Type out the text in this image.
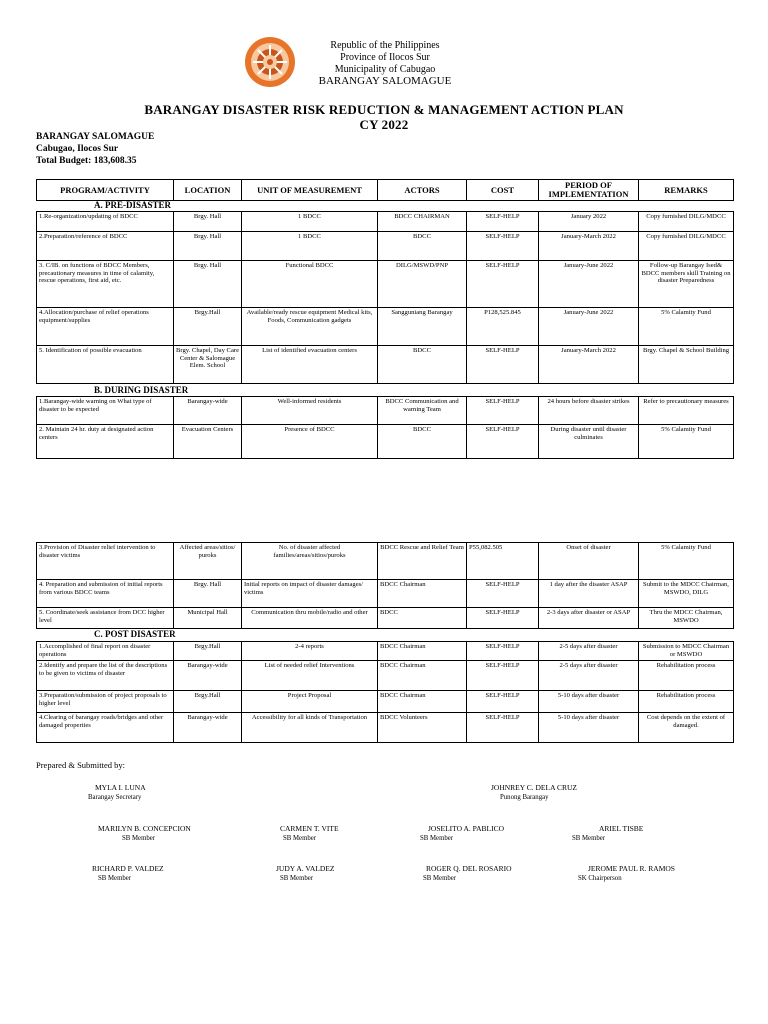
Republic of the Philippines
Province of Ilocos Sur
Municipality of Cabugao
BARANGAY SALOMAGUE
BARANGAY DISASTER RISK REDUCTION & MANAGEMENT ACTION PLAN
CY 2022
BARANGAY SALOMAGUE
Cabugao, Ilocos Sur
Total Budget: 183,608.35
PROGRAM/ACTIVITY	LOCATION	UNIT OF MEASUREMENT	ACTORS	COST	PERIOD OF IMPLEMENTATION	REMARKS
A. PRE-DISASTER
1.Re-organization/updating of BDCC	Brgy. Hall	1 BDCC	BDCC CHAIRMAN	SELF-HELP	January 2022	Copy furnished DILG/MDCC
2.Preparation/reference of BDCC	Brgy. Hall	1 BDCC	BDCC	SELF-HELP	January-March 2022	Copy furnished DILG/MDCC
3. C/IB. on functions of BDCC Members, precautionary measures in time of calamity, rescue operations, first aid, etc.	Brgy. Hall	Functional BDCC	DILG/MSWD/PNP	SELF-HELP	January-June 2022	Follow-up Barangay Ised& BDCC members skill Training on disaster Preparedness
4.Allocation/purchase of relief operations equipment/supplies	Brgy.Hall	Available/ready rescue equipment Medical kits, Foods, Communication gadgets	Sangguniang Barangay	P128,525.845	January-June 2022	5% Calamity Fund
5. Identification of possible evacuation	Brgy. Chapel, Day Care Center & Salomague Elem. School	List of identified evacuation centers	BDCC	SELF-HELP	January-March 2022	Brgy. Chapel & School Building
B. DURING DISASTER
1.Barangay-wide warning on What type of disaster to be expected	Barangay-wide	Well-informed residents	BDCC Communication and warning Team	SELF-HELP	24 hours before disaster strikes	Refer to precautionary measures
2. Maintain 24 hr. duty at designated action centers	Evacuation Centers	Presence of BDCC	BDCC	SELF-HELP	During disaster until disaster culminates	5% Calamity Fund
3.Provision of Disaster relief intervention to disaster victims	Affected areas/sitios/ puroks	No. of disaster affected families/areas/sitios/puroks	BDCC Rescue and Relief Team	P55,082.505	Onset of disaster	5% Calamity Fund
4. Preparation and submission of initial reports from various BDCC teams	Brgy. Hall	Initial reports on impact of disaster damages/ victims	BDCC Chairman	SELF-HELP	1 day after the disaster ASAP	Submit to the MDCC Chairman, MSWDO, DILG
5. Coordinate/seek assistance from DCC higher level	Municipal Hall	Communication thru mobile/radio and other	BDCC	SELF-HELP	2-3 days after disaster or ASAP	Thru the MDCC Chairman, MSWDO
C. POST DISASTER
1.Accomplished of final report on disaster operations	Brgy.Hall	2-4 reports	BDCC Chairman	SELF-HELP	2-5 days after disaster	Submission to MDCC Chairman or MSWDO
2.Identify and prepare the list of the descriptions to be given to victims of disaster	Barangay-wide	List of needed relief Interventions	BDCC Chairman	SELF-HELP	2-5 days after disaster	Rehabilitation process
3.Preparation/submission of project proposals to higher level	Brgy.Hall	Project Proposal	BDCC Chairman	SELF-HELP	5-10 days after disaster	Rehabilitation process
4.Clearing of barangay roads/bridges and other damaged properties	Barangay-wide	Accessibility for all kinds of Transportation	BDCC Volunteers	SELF-HELP	5-10 days after disaster	Cost depends on the extent of damaged.
Prepared & Submitted by:
MYLA I. LUNA
Barangay Secretary
JOHNREY C. DELA CRUZ
Punong Barangay
MARILYN B. CONCEPCION
SB Member
CARMEN T. VITE
SB Member
JOSELITO A. PABLICO
SB Member
ARIEL TISBE
SB Member
RICHARD P. VALDEZ
SB Member
JUDY A. VALDEZ
SB Member
ROGER Q. DEL ROSARIO
SB Member
JEROME PAUL R. RAMOS
SK Chairperson
